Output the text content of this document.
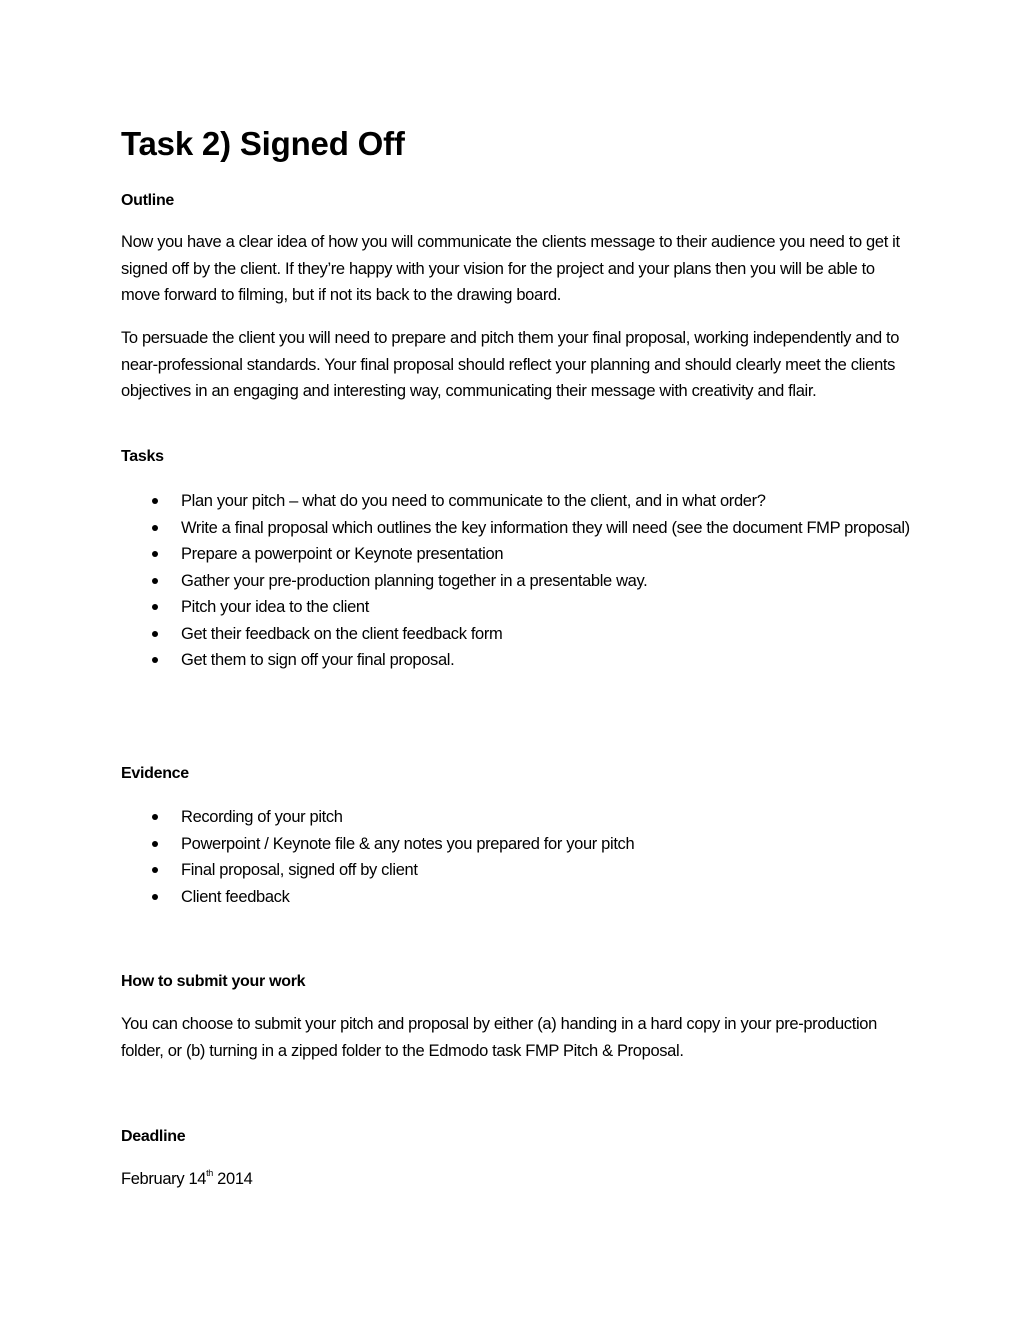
Task 2) Signed Off
Outline

Now you have a clear idea of how you will communicate the clients message to their audience you need to get it signed off by the client. If they’re happy with your vision for the project and your plans then you will be able to move forward to filming, but if not its back to the drawing board.

To persuade the client you will need to prepare and pitch them your final proposal, working independently and to near-professional standards. Your final proposal should reflect your planning and should clearly meet the clients objectives in an engaging and interesting way, communicating their message with creativity and flair.

Tasks
Plan your pitch – what do you need to communicate to the client, and in what order?
Write a final proposal which outlines the key information they will need (see the document FMP proposal)
Prepare a powerpoint or Keynote presentation
Gather your pre-production planning together in a presentable way.
Pitch your idea to the client
Get their feedback on the client feedback form
Get them to sign off your final proposal.
Evidence
Recording of your pitch
Powerpoint / Keynote file & any notes you prepared for your pitch
Final proposal, signed off by client
Client feedback
How to submit your work

You can choose to submit your pitch and proposal by either (a) handing in a hard copy in your pre-production folder, or (b) turning in a zipped folder to the Edmodo task FMP Pitch & Proposal.

Deadline
February 14th 2014
